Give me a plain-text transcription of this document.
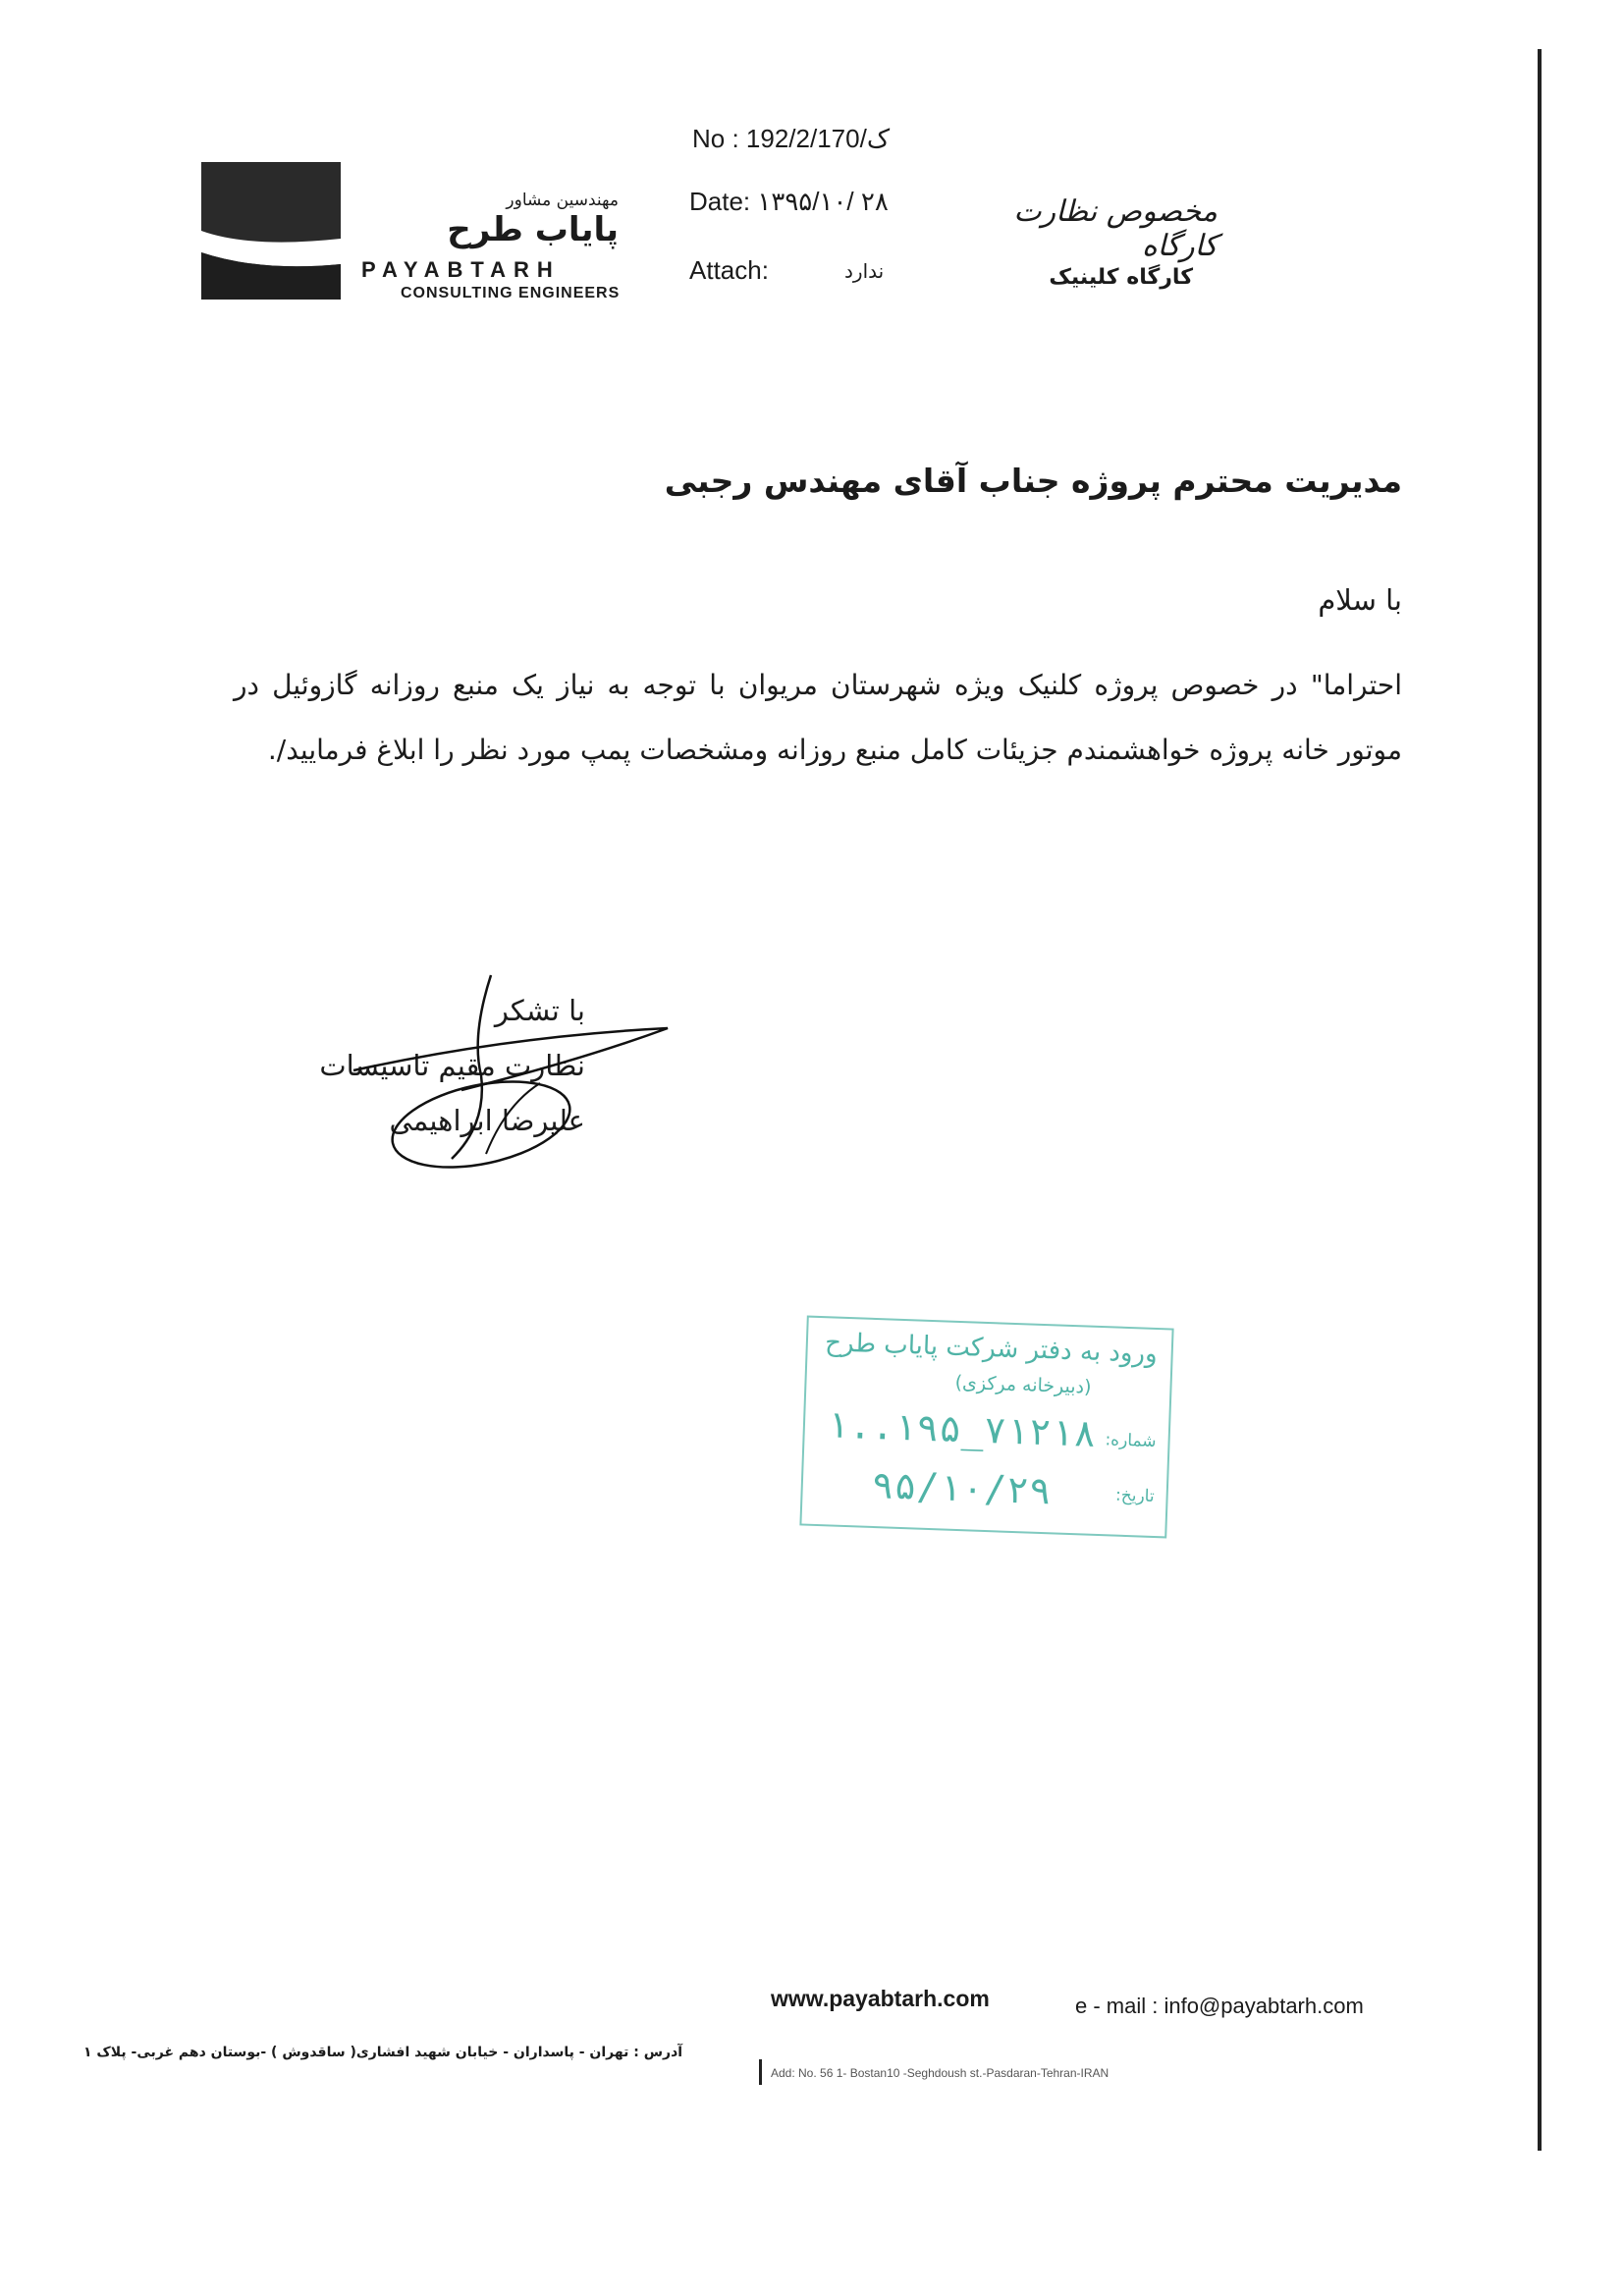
مهندسین مشاور
پایاب طرح
PAYABTARH
CONSULTING ENGINEERS
No : 192/2/ک/170
Date: ۱۳۹۵/۱۰/ ۲۸
Attach:	ندارد
مخصوص نظارت کارگاه
کارگاه کلینیک
مدیریت محترم پروژه جناب آقای مهندس رجبی
با سلام
احتراما" در خصوص پروژه کلنیک ویژه شهرستان مریوان با توجه به نیاز یک منبع روزانه گازوئیل در موتور خانه پروژه خواهشمندم جزیئات کامل منبع روزانه ومشخصات پمپ مورد نظر را ابلاغ فرمایید/.
با تشکر
نظارت مقیم تاسیسات
علیرضا ابراهیمی
ورود به دفتر شرکت پایاب طرح
(دبیرخانه مرکزی)
شماره:
۱..۱۹۵_۷۱۲۱۸
تاریخ:
۹۵/۱۰/۲۹
www.payabtarh.com	e - mail : info@payabtarh.com
آدرس : تهران - پاسداران - خیابان شهید افشاری( ساقدوش ) -بوستان دهم غربی- پلاک ۱
Add: No. 56 1- Bostan10 -Seghdoush st.-Pasdaran-Tehran-IRAN
